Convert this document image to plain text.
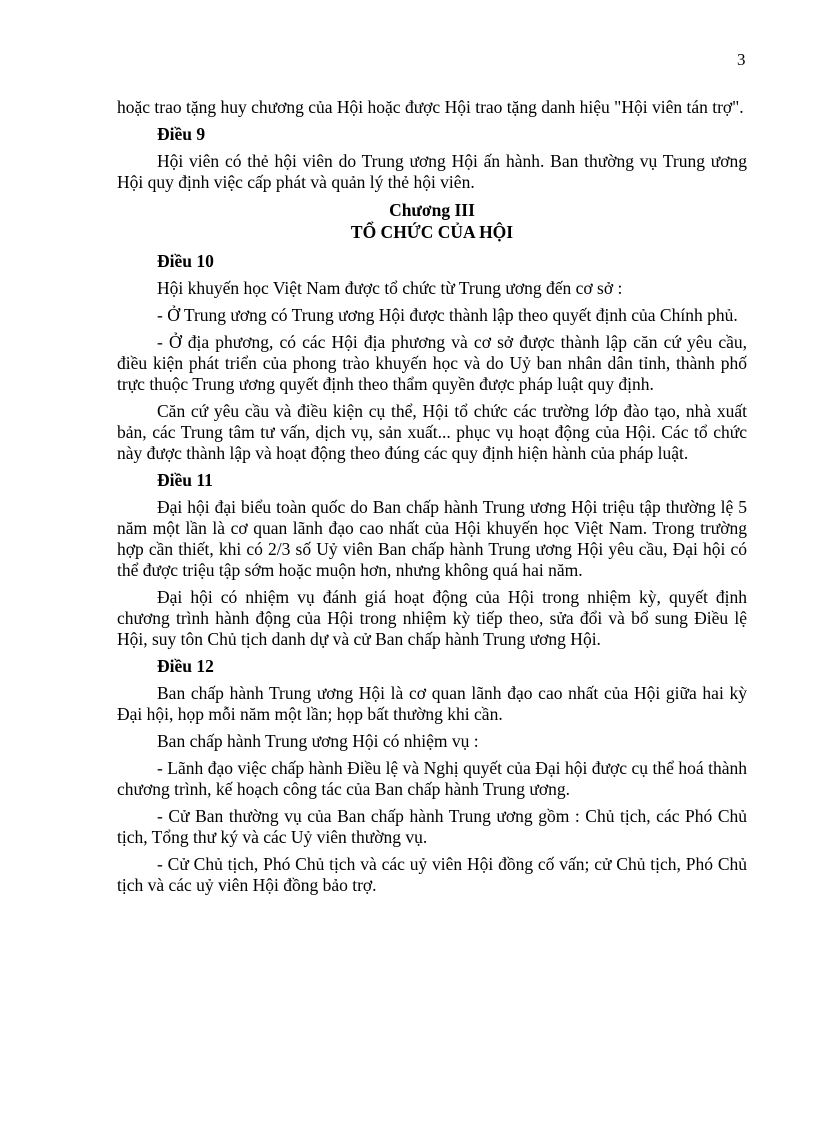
3

hoặc trao tặng huy chương của Hội hoặc được Hội trao tặng danh hiệu "Hội viên tán trợ".

Điều 9

Hội viên có thẻ hội viên do Trung ương Hội ấn hành. Ban thường vụ Trung ương Hội quy định việc cấp phát và quản lý thẻ hội viên.

Chương III
TỔ CHỨC CỦA HỘI

Điều 10

Hội khuyến học Việt Nam được tổ chức từ Trung ương đến cơ sở :

- Ở Trung ương có Trung ương Hội được thành lập theo quyết định của Chính phủ.

- Ở địa phương, có các Hội địa phương và cơ sở được thành lập căn cứ yêu cầu, điều kiện phát triển của phong trào khuyến học và do Uỷ ban nhân dân tỉnh, thành phố trực thuộc Trung ương quyết định theo thẩm quyền được pháp luật quy định.

Căn cứ yêu cầu và điều kiện cụ thể, Hội tổ chức các trường lớp đào tạo, nhà xuất bản, các Trung tâm tư vấn, dịch vụ, sản xuất... phục vụ hoạt động của Hội. Các tổ chức này được thành lập và hoạt động theo đúng các quy định hiện hành của pháp luật.

Điều 11

Đại hội đại biểu toàn quốc do Ban chấp hành Trung ương Hội triệu tập thường lệ 5 năm một lần là cơ quan lãnh đạo cao nhất của Hội khuyến học Việt Nam. Trong trường hợp cần thiết, khi có 2/3 số Uỷ viên Ban chấp hành Trung ương Hội yêu cầu, Đại hội có thể được triệu tập sớm hoặc muộn hơn, nhưng không quá hai năm.

Đại hội có nhiệm vụ đánh giá hoạt động của Hội trong nhiệm kỳ, quyết định chương trình hành động của Hội trong nhiệm kỳ tiếp theo, sửa đổi và bổ sung Điều lệ Hội, suy tôn Chủ tịch danh dự và cử Ban chấp hành Trung ương Hội.

Điều 12

Ban chấp hành Trung ương Hội là cơ quan lãnh đạo cao nhất của Hội giữa hai kỳ Đại hội, họp mỗi năm một lần; họp bất thường khi cần.

Ban chấp hành Trung ương Hội có nhiệm vụ :

- Lãnh đạo việc chấp hành Điều lệ và Nghị quyết của Đại hội được cụ thể hoá thành chương trình, kế hoạch công tác của Ban chấp hành Trung ương.

- Cử Ban thường vụ của Ban chấp hành Trung ương gồm : Chủ tịch, các Phó Chủ tịch, Tổng thư ký và các Uỷ viên thường vụ.

- Cử Chủ tịch, Phó Chủ tịch và các uỷ viên Hội đồng cố vấn; cử Chủ tịch, Phó Chủ tịch và các uỷ viên Hội đồng bảo trợ.
